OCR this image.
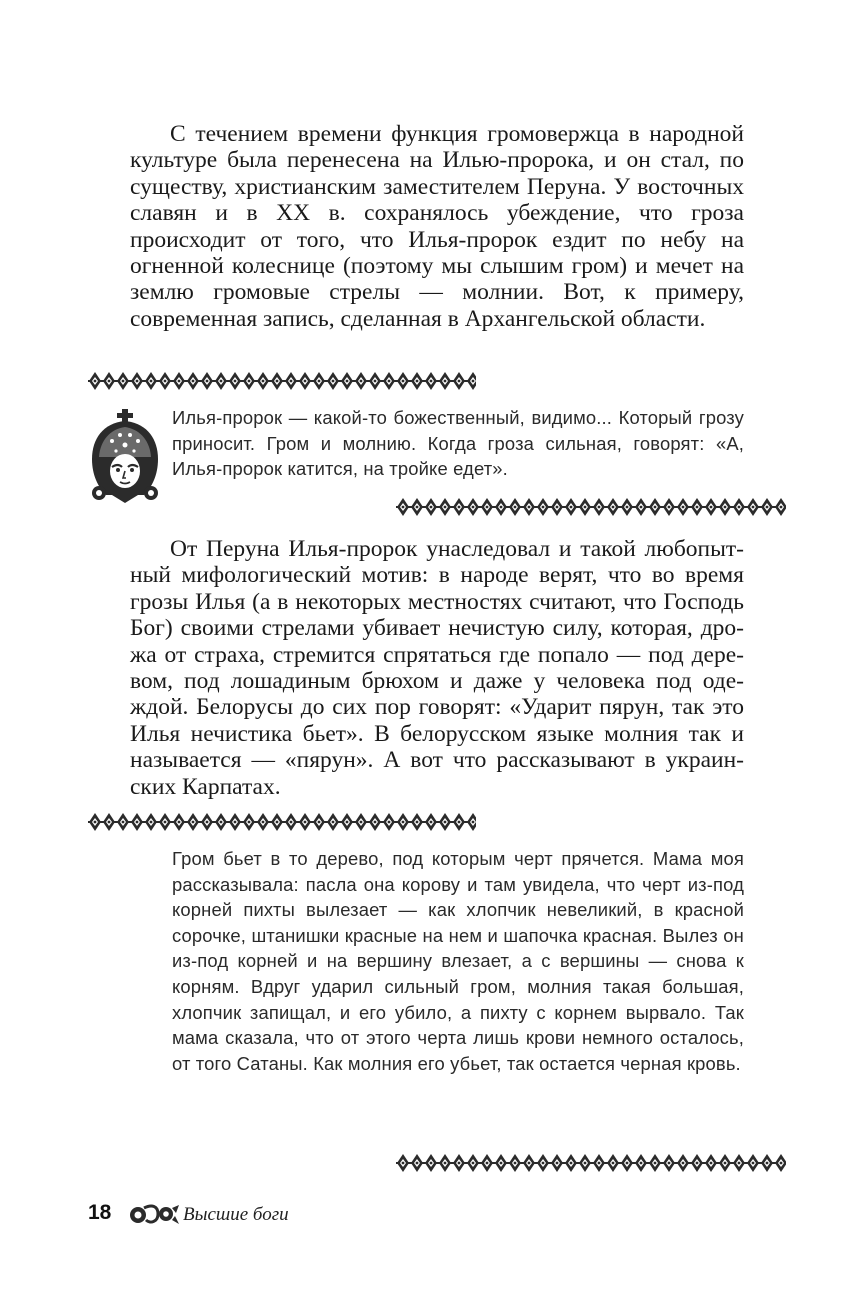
С течением времени функция громовержца в народной культуре была перенесена на Илью-пророка, и он стал, по существу, христианским заместителем Перуна. У восточных славян и в XX в. сохранялось убеждение, что гроза происходит от того, что Илья-пророк ездит по небу на огненной колеснице (поэтому мы слышим гром) и мечет на землю громовые стрелы — молнии. Вот, к примеру, современная запись, сделанная в Архангельской области.

Илья-пророк — какой-то божественный, видимо... Который грозу приносит. Гром и молнию. Когда гроза сильная, говорят: «А, Илья-пророк катится, на тройке едет».

От Перуна Илья-пророк унаследовал и такой любопытный мифологический мотив: в народе верят, что во время грозы Илья (а в некоторых местностях считают, что Господь Бог) своими стрелами убивает нечистую силу, которая, дрожа от страха, стремится спрятаться где попало — под деревом, под лошадиным брюхом и даже у человека под одеждой. Белорусы до сих пор говорят: «Ударит пярун, так это Илья нечистика бьет». В белорусском языке молния так и называется — «пярун». А вот что рассказывают в украинских Карпатах.

Гром бьет в то дерево, под которым черт прячется. Мама моя рассказывала: пасла она корову и там увидела, что черт из-под корней пихты вылезает — как хлопчик невеликий, в красной сорочке, штанишки красные на нем и шапочка красная. Вылез он из-под корней и на вершину влезает, а с вершины — снова к корням. Вдруг ударил сильный гром, молния такая большая, хлопчик запищал, и его убило, а пихту с корнем вырвало. Так мама сказала, что от этого черта лишь крови немного осталось, от того Сатаны. Как молния его убьет, так остается черная кровь.

18	Высшие боги
